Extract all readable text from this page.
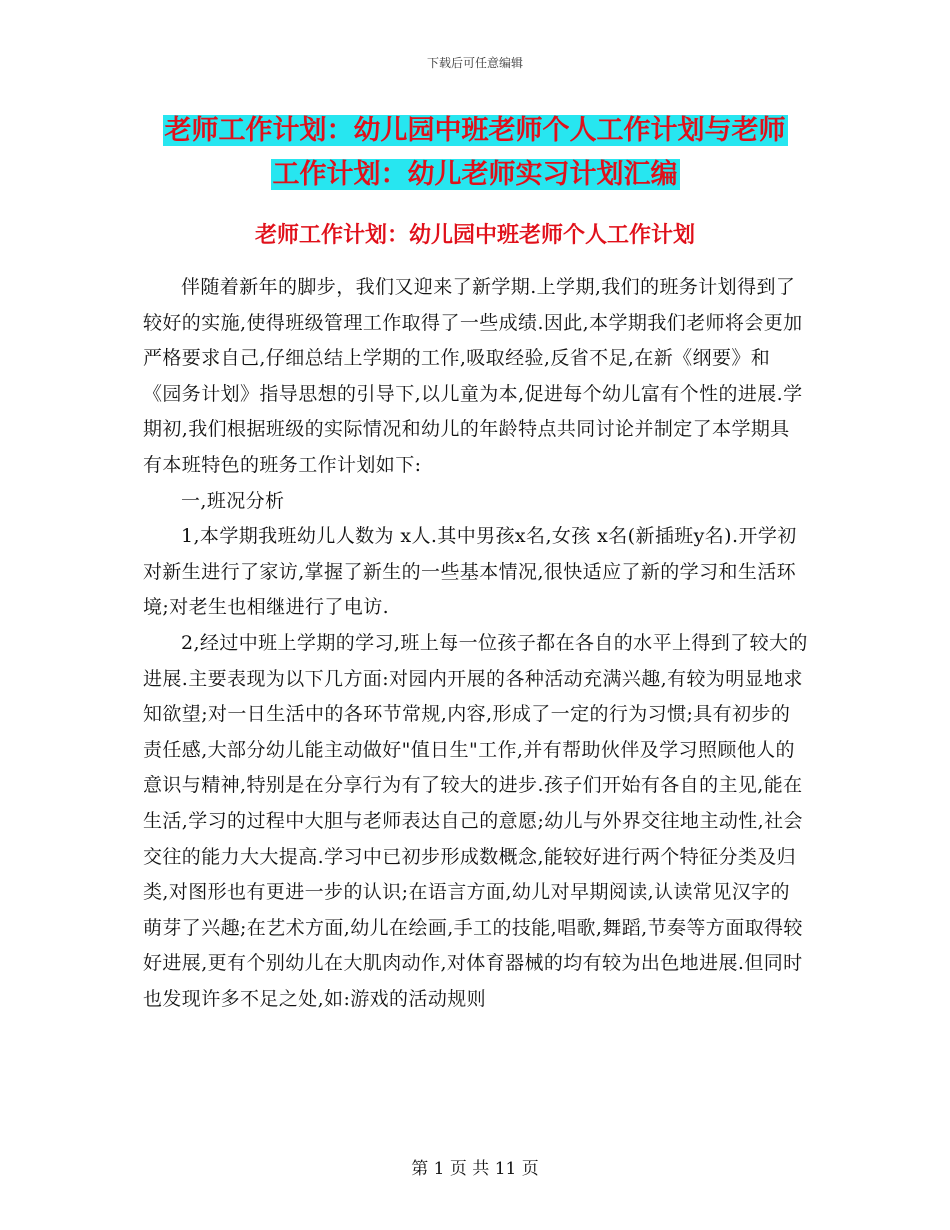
下载后可任意编辑
老师工作计划：幼儿园中班老师个人工作计划与老师
工作计划：幼儿老师实习计划汇编
老师工作计划：幼儿园中班老师个人工作计划

伴随着新年的脚步，我们又迎来了新学期.上学期,我们的班务计划得到了较好的实施,使得班级管理工作取得了一些成绩.因此,本学期我们老师将会更加严格要求自己,仔细总结上学期的工作,吸取经验,反省不足,在新《纲要》和《园务计划》指导思想的引导下,以儿童为本,促进每个幼儿富有个性的进展.学期初,我们根据班级的实际情况和幼儿的年龄特点共同讨论并制定了本学期具有本班特色的班务工作计划如下:

一,班况分析

1,本学期我班幼儿人数为 x人.其中男孩x名,女孩 x名(新插班y名).开学初对新生进行了家访,掌握了新生的一些基本情况,很快适应了新的学习和生活环境;对老生也相继进行了电访.

2,经过中班上学期的学习,班上每一位孩子都在各自的水平上得到了较大的进展.主要表现为以下几方面:对园内开展的各种活动充满兴趣,有较为明显地求知欲望;对一日生活中的各环节常规,内容,形成了一定的行为习惯;具有初步的责任感,大部分幼儿能主动做好"值日生"工作,并有帮助伙伴及学习照顾他人的意识与精神,特别是在分享行为有了较大的进步.孩子们开始有各自的主见,能在生活,学习的过程中大胆与老师表达自己的意愿;幼儿与外界交往地主动性,社会交往的能力大大提高.学习中已初步形成数概念,能较好进行两个特征分类及归类,对图形也有更进一步的认识;在语言方面,幼儿对早期阅读,认读常见汉字的萌芽了兴趣;在艺术方面,幼儿在绘画,手工的技能,唱歌,舞蹈,节奏等方面取得较好进展,更有个别幼儿在大肌肉动作,对体育器械的均有较为出色地进展.但同时也发现许多不足之处,如:游戏的活动规则

第 1 页 共 11 页
